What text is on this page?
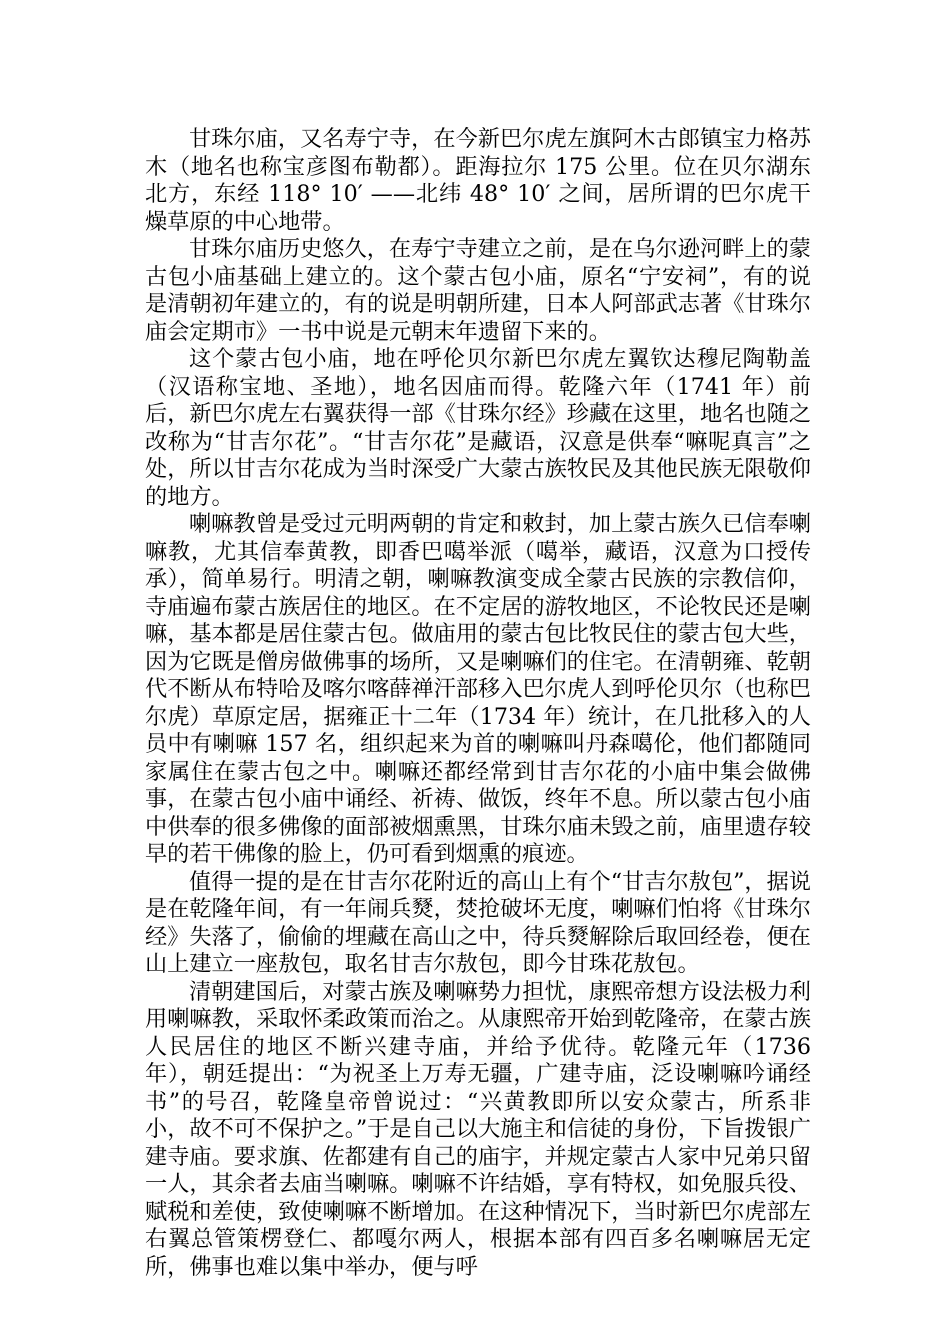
甘珠尔庙，又名寿宁寺，在今新巴尔虎左旗阿木古郎镇宝力格苏木（地名也称宝彦图布勒都）。距海拉尔 175 公里。位在贝尔湖东北方，东经 118° 10′ ——北纬 48° 10′ 之间，居所谓的巴尔虎干燥草原的中心地带。

甘珠尔庙历史悠久，在寿宁寺建立之前，是在乌尔逊河畔上的蒙古包小庙基础上建立的。这个蒙古包小庙，原名“宁安祠”，有的说是清朝初年建立的，有的说是明朝所建，日本人阿部武志著《甘珠尔庙会定期市》一书中说是元朝末年遗留下来的。

这个蒙古包小庙，地在呼伦贝尔新巴尔虎左翼钦达穆尼陶勒盖（汉语称宝地、圣地），地名因庙而得。乾隆六年（1741 年）前后，新巴尔虎左右翼获得一部《甘珠尔经》珍藏在这里，地名也随之改称为“甘吉尔花”。“甘吉尔花”是藏语，汉意是供奉“嘛呢真言”之处，所以甘吉尔花成为当时深受广大蒙古族牧民及其他民族无限敬仰的地方。

喇嘛教曾是受过元明两朝的肯定和敕封，加上蒙古族久已信奉喇嘛教，尤其信奉黄教，即香巴噶举派（噶举，藏语，汉意为口授传承），简单易行。明清之朝，喇嘛教演变成全蒙古民族的宗教信仰，寺庙遍布蒙古族居住的地区。在不定居的游牧地区，不论牧民还是喇嘛，基本都是居住蒙古包。做庙用的蒙古包比牧民住的蒙古包大些，因为它既是僧房做佛事的场所，又是喇嘛们的住宅。在清朝雍、乾朝代不断从布特哈及喀尔喀薛禅汗部移入巴尔虎人到呼伦贝尔（也称巴尔虎）草原定居，据雍正十二年（1734 年）统计，在几批移入的人员中有喇嘛 157 名，组织起来为首的喇嘛叫丹森噶伦，他们都随同家属住在蒙古包之中。喇嘛还都经常到甘吉尔花的小庙中集会做佛事，在蒙古包小庙中诵经、祈祷、做饭，终年不息。所以蒙古包小庙中供奉的很多佛像的面部被烟熏黑，甘珠尔庙未毁之前，庙里遗存较早的若干佛像的脸上，仍可看到烟熏的痕迹。

值得一提的是在甘吉尔花附近的高山上有个“甘吉尔敖包”，据说是在乾隆年间，有一年闹兵燹，焚抢破坏无度，喇嘛们怕将《甘珠尔经》失落了，偷偷的埋藏在高山之中，待兵燹解除后取回经卷，便在山上建立一座敖包，取名甘吉尔敖包，即今甘珠花敖包。

清朝建国后，对蒙古族及喇嘛势力担忧，康熙帝想方设法极力利用喇嘛教，采取怀柔政策而治之。从康熙帝开始到乾隆帝，在蒙古族人民居住的地区不断兴建寺庙，并给予优待。乾隆元年（1736 年），朝廷提出：“为祝圣上万寿无疆，广建寺庙，泛设喇嘛吟诵经书”的号召，乾隆皇帝曾说过：“兴黄教即所以安众蒙古，所系非小，故不可不保护之。”于是自己以大施主和信徒的身份，下旨拨银广建寺庙。要求旗、佐都建有自己的庙宇，并规定蒙古人家中兄弟只留一人，其余者去庙当喇嘛。喇嘛不许结婚，享有特权，如免服兵役、赋税和差使，致使喇嘛不断增加。在这种情况下，当时新巴尔虎部左右翼总管策楞登仁、都嘎尔两人，根据本部有四百多名喇嘛居无定所，佛事也难以集中举办，便与呼
